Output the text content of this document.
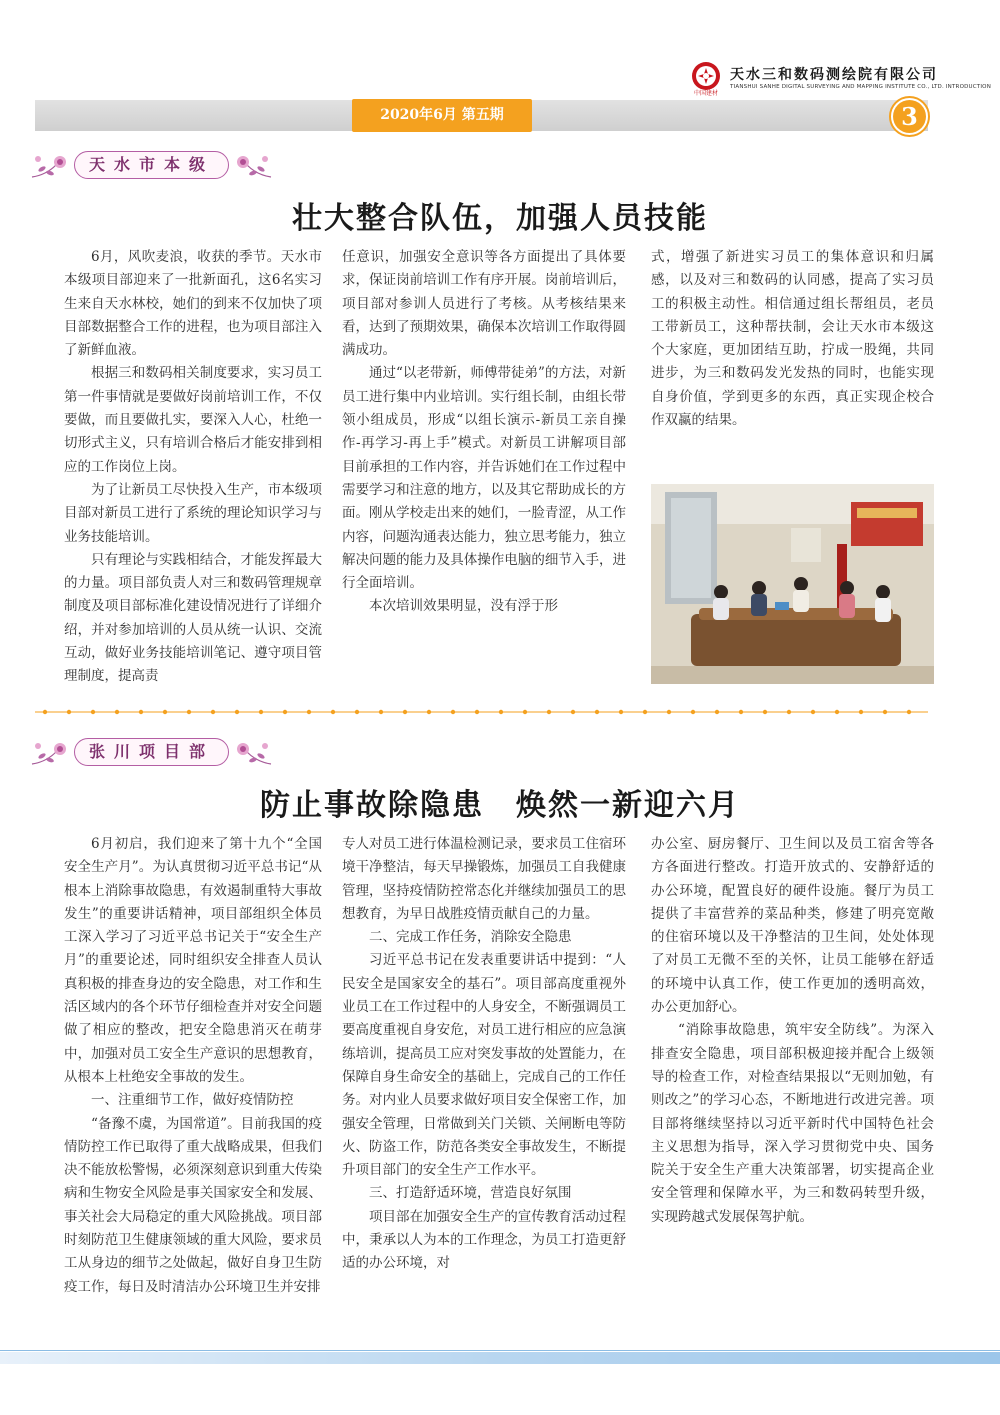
中国建材
天水三和数码测绘院有限公司
TIANSHUI SANHE DIGITAL SURVEYING AND MAPPING INSTITUTE CO., LTD. INTRODUCTION
2020年6月 第五期	3
天水市本级
壮大整合队伍，加强人员技能

6月，风吹麦浪，收获的季节。天水市本级项目部迎来了一批新面孔，这6名实习生来自天水林校，她们的到来不仅加快了项目部数据整合工作的进程，也为项目部注入了新鲜血液。

根据三和数码相关制度要求，实习员工第一件事情就是要做好岗前培训工作，不仅要做，而且要做扎实，要深入人心，杜绝一切形式主义，只有培训合格后才能安排到相应的工作岗位上岗。

为了让新员工尽快投入生产，市本级项目部对新员工进行了系统的理论知识学习与业务技能培训。

只有理论与实践相结合，才能发挥最大的力量。项目部负责人对三和数码管理规章制度及项目部标准化建设情况进行了详细介绍，并对参加培训的人员从统一认识、交流互动，做好业务技能培训笔记、遵守项目管理制度，提高责

任意识，加强安全意识等各方面提出了具体要求，保证岗前培训工作有序开展。岗前培训后，项目部对参训人员进行了考核。从考核结果来看，达到了预期效果，确保本次培训工作取得圆满成功。

通过“以老带新，师傅带徒弟”的方法，对新员工进行集中内业培训。实行组长制，由组长带领小组成员，形成“以组长演示-新员工亲自操作-再学习-再上手”模式。对新员工讲解项目部目前承担的工作内容，并告诉她们在工作过程中需要学习和注意的地方，以及其它帮助成长的方面。刚从学校走出来的她们，一脸青涩，从工作内容，问题沟通表达能力，独立思考能力，独立解决问题的能力及具体操作电脑的细节入手，进行全面培训。

本次培训效果明显，没有浮于形

式，增强了新进实习员工的集体意识和归属感，以及对三和数码的认同感，提高了实习员工的积极主动性。相信通过组长帮组员，老员工带新员工，这种帮扶制，会让天水市本级这个大家庭，更加团结互助，拧成一股绳，共同进步，为三和数码发光发热的同时，也能实现自身价值，学到更多的东西，真正实现企校合作双赢的结果。
张川项目部
防止事故除隐患　焕然一新迎六月

6月初启，我们迎来了第十九个“全国安全生产月”。为认真贯彻习近平总书记“从根本上消除事故隐患，有效遏制重特大事故发生”的重要讲话精神，项目部组织全体员工深入学习了习近平总书记关于“安全生产月”的重要论述，同时组织安全排查人员认真积极的排查身边的安全隐患，对工作和生活区域内的各个环节仔细检查并对安全问题做了相应的整改，把安全隐患消灭在萌芽中，加强对员工安全生产意识的思想教育，从根本上杜绝安全事故的发生。

一、注重细节工作，做好疫情防控

“备豫不虞，为国常道”。目前我国的疫情防控工作已取得了重大战略成果，但我们决不能放松警惕，必须深刻意识到重大传染病和生物安全风险是事关国家安全和发展、事关社会大局稳定的重大风险挑战。项目部时刻防范卫生健康领域的重大风险，要求员工从身边的细节之处做起，做好自身卫生防疫工作，每日及时清洁办公环境卫生并安排

专人对员工进行体温检测记录，要求员工住宿环境干净整洁，每天早操锻炼，加强员工自我健康管理，坚持疫情防控常态化并继续加强员工的思想教育，为早日战胜疫情贡献自己的力量。

二、完成工作任务，消除安全隐患

习近平总书记在发表重要讲话中提到：“人民安全是国家安全的基石”。项目部高度重视外业员工在工作过程中的人身安全，不断强调员工要高度重视自身安危，对员工进行相应的应急演练培训，提高员工应对突发事故的处置能力，在保障自身生命安全的基础上，完成自己的工作任务。对内业人员要求做好项目安全保密工作，加强安全管理，日常做到关门关锁、关闸断电等防火、防盗工作，防范各类安全事故发生，不断提升项目部门的安全生产工作水平。

三、打造舒适环境，营造良好氛围

项目部在加强安全生产的宣传教育活动过程中，秉承以人为本的工作理念，为员工打造更舒适的办公环境，对

办公室、厨房餐厅、卫生间以及员工宿舍等各方各面进行整改。打造开放式的、安静舒适的办公环境，配置良好的硬件设施。餐厅为员工提供了丰富营养的菜品种类，修建了明亮宽敞的住宿环境以及干净整洁的卫生间，处处体现了对员工无微不至的关怀，让员工能够在舒适的环境中认真工作，使工作更加的透明高效，办公更加舒心。

“消除事故隐患，筑牢安全防线”。为深入排查安全隐患，项目部积极迎接并配合上级领导的检查工作，对检查结果报以“无则加勉，有则改之”的学习心态，不断地进行改进完善。项目部将继续坚持以习近平新时代中国特色社会主义思想为指导，深入学习贯彻党中央、国务院关于安全生产重大决策部署，切实提高企业安全管理和保障水平，为三和数码转型升级，实现跨越式发展保驾护航。
